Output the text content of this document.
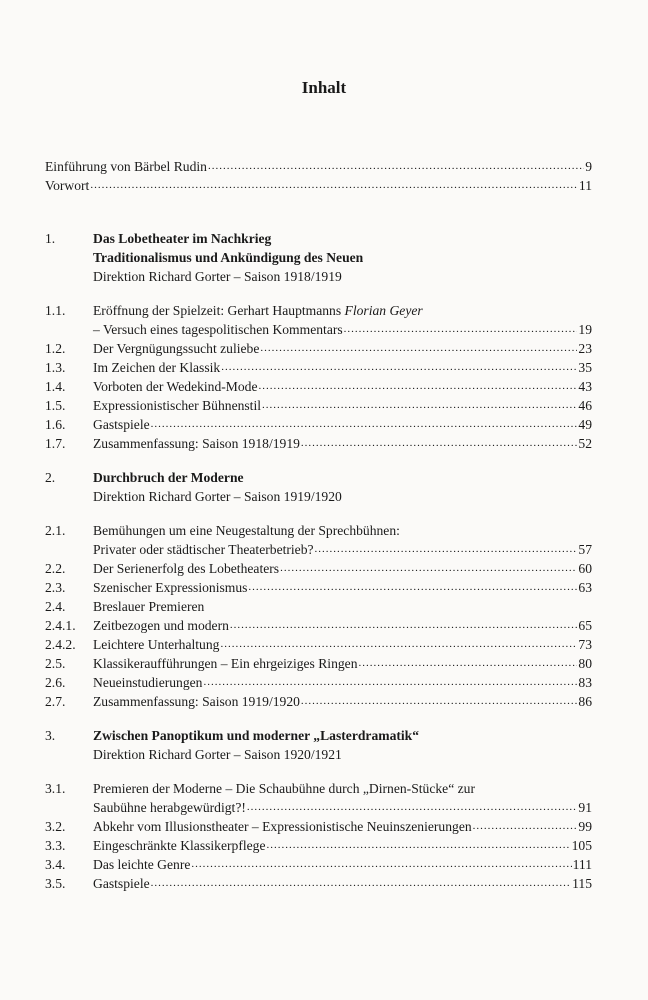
Inhalt
Einführung von Bärbel Rudin .....	9
Vorwort .....	11
1.	Das Lobetheater im Nachkrieg
Traditionalismus und Ankündigung des Neuen
Direktion Richard Gorter – Saison 1918/1919
1.1. Eröffnung der Spielzeit: Gerhart Hauptmanns Florian Geyer
– Versuch eines tagespolitischen Kommentars .....	19
1.2. Der Vergnügungssucht zuliebe .....	23
1.3. Im Zeichen der Klassik .....	35
1.4. Vorboten der Wedekind-Mode .....	43
1.5. Expressionistischer Bühnenstil .....	46
1.6. Gastspiele .....	49
1.7. Zusammenfassung: Saison 1918/1919 .....	52
2.	Durchbruch der Moderne
Direktion Richard Gorter – Saison 1919/1920
2.1. Bemühungen um eine Neugestaltung der Sprechbühnen:
Privater oder städtischer Theaterbetrieb? .....	57
2.2. Der Serienerfolg des Lobetheaters .....	60
2.3. Szenischer Expressionismus .....	63
2.4. Breslauer Premieren
2.4.1. Zeitbezogen und modern .....	65
2.4.2. Leichtere Unterhaltung .....	73
2.5. Klassikeraufführungen – Ein ehrgeiziges Ringen .....	80
2.6. Neueinstudierungen .....	83
2.7. Zusammenfassung: Saison 1919/1920 .....	86
3.	Zwischen Panoptikum und moderner „Lasterdramatik“
Direktion Richard Gorter – Saison 1920/1921
3.1. Premieren der Moderne – Die Schaubühne durch „Dirnen-Stücke“ zur
Saubühne herabgewürdigt?! .....	91
3.2. Abkehr vom Illusionstheater – Expressionistische Neuinszenierungen .....	99
3.3. Eingeschränkte Klassikerpflege .....	105
3.4. Das leichte Genre .....	111
3.5. Gastspiele .....	115
